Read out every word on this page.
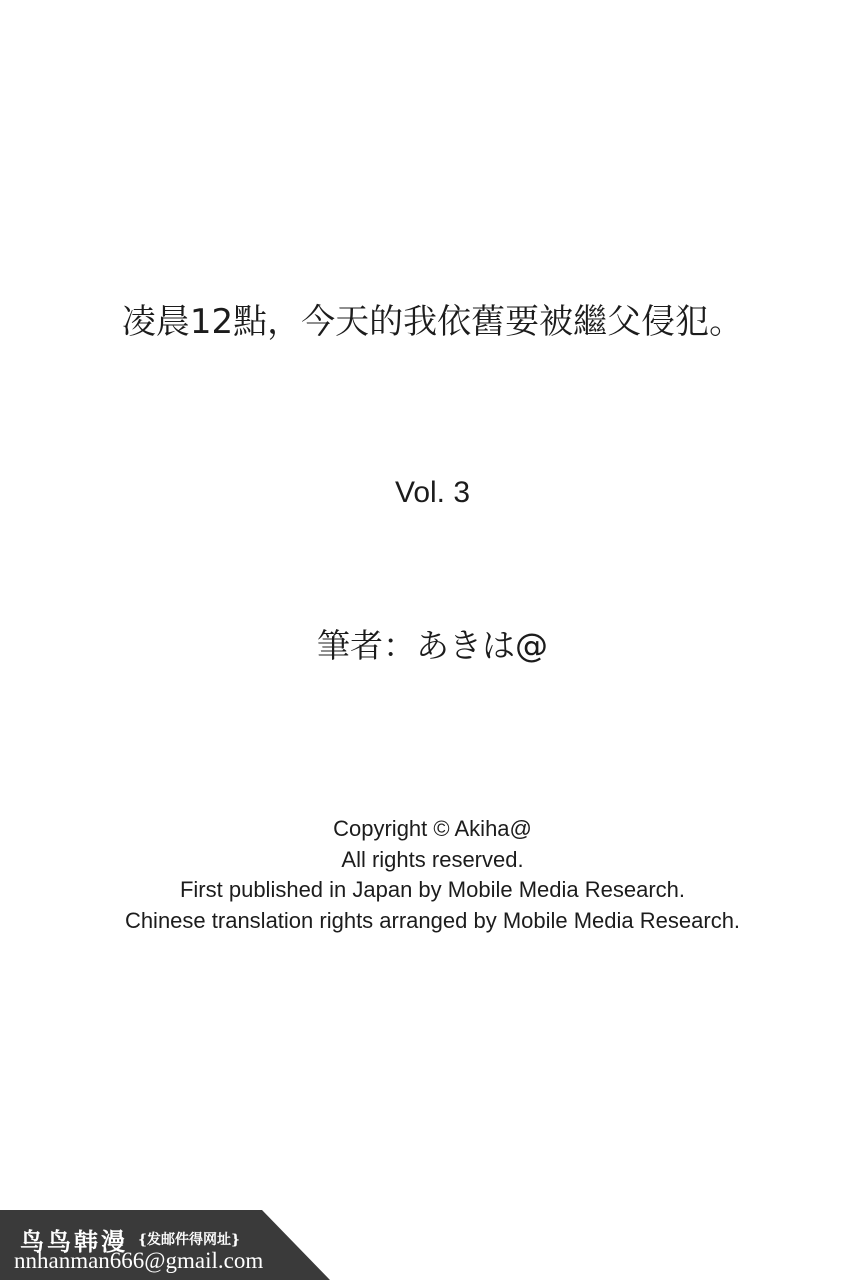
凌晨12點，今天的我依舊要被繼父侵犯。
Vol. 3
筆者：あきは@
Copyright © Akiha@
All rights reserved.
First published in Japan by Mobile Media Research.
Chinese translation rights arranged by Mobile Media Research.
鸟鸟韩漫 {发邮件得网址}
nnhanman666@gmail.com
